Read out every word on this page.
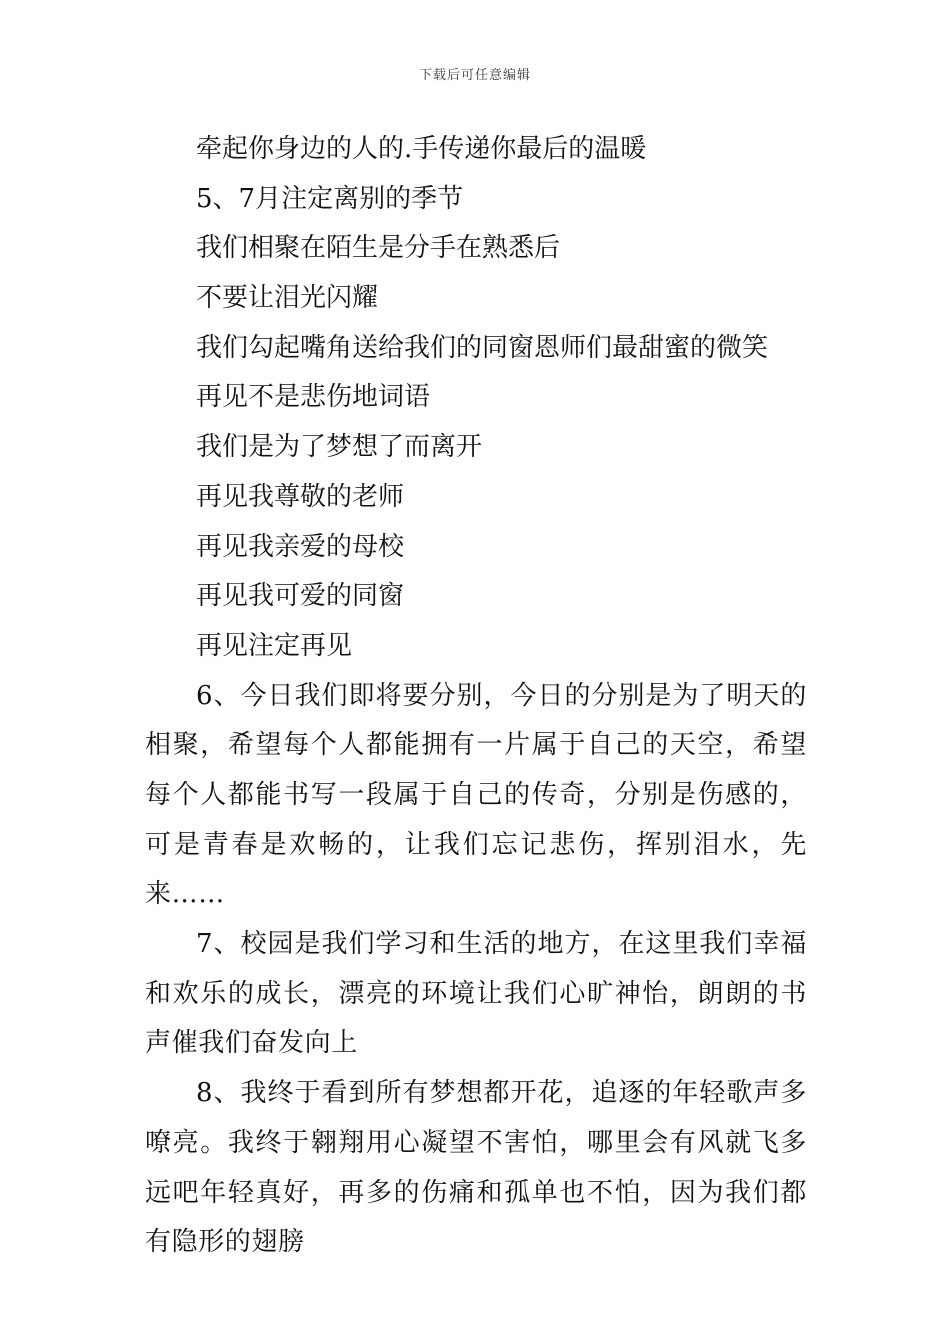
下载后可任意编辑
牵起你身边的人的.手传递你最后的温暖
5、7月注定离别的季节
我们相聚在陌生是分手在熟悉后
不要让泪光闪耀
我们勾起嘴角送给我们的同窗恩师们最甜蜜的微笑
再见不是悲伤地词语
我们是为了梦想了而离开
再见我尊敬的老师
再见我亲爱的母校
再见我可爱的同窗
再见注定再见
6、今日我们即将要分别，今日的分别是为了明天的相聚，希望每个人都能拥有一片属于自己的天空，希望每个人都能书写一段属于自己的传奇，分别是伤感的，可是青春是欢畅的，让我们忘记悲伤，挥别泪水，先来……
7、校园是我们学习和生活的地方，在这里我们幸福和欢乐的成长，漂亮的环境让我们心旷神怡，朗朗的书声催我们奋发向上
8、我终于看到所有梦想都开花，追逐的年轻歌声多嘹亮。我终于翱翔用心凝望不害怕，哪里会有风就飞多远吧年轻真好，再多的伤痛和孤单也不怕，因为我们都有隐形的翅膀
